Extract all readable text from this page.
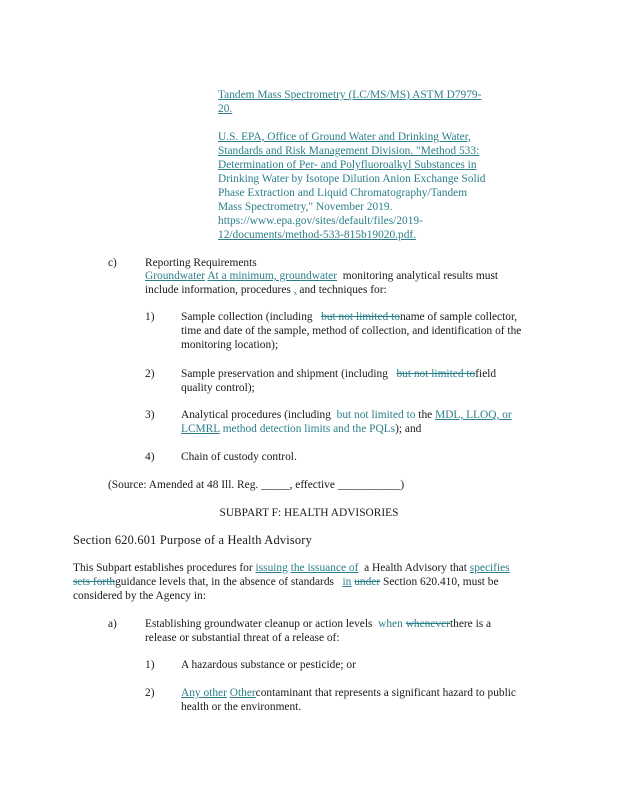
Tandem Mass Spectrometry (LC/MS/MS) ASTM D7979-
20.
U.S. EPA, Office of Ground Water and Drinking Water,
Standards and Risk Management Division. "Method 533:
Determination of Per- and Polyfluoroalkyl Substances in
Drinking Water by Isotope Dilution Anion Exchange Solid
Phase Extraction and Liquid Chromatography/Tandem
Mass Spectrometry," November 2019.
https://www.epa.gov/sites/default/files/2019-
12/documents/method-533-815b19020.pdf.
c) Reporting Requirements
Groundwater At a minimum, groundwater monitoring analytical results must
include information, procedures , and techniques for:
1) Sample collection (including but not limited toname of sample collector,
time and date of the sample, method of collection, and identification of the
monitoring location);
2) Sample preservation and shipment (including but not limited tofield
quality control);
3) Analytical procedures (including but not limited to the MDL, LLOQ, or
LCMRL method detection limits and the PQLs); and
4) Chain of custody control.
(Source: Amended at 48 Ill. Reg. _____, effective ___________)
SUBPART F: HEALTH ADVISORIES
Section 620.601 Purpose of a Health Advisory
This Subpart establishes procedures for issuing the issuance of a Health Advisory that specifies
sets forthguidance levels that, in the absence of standards in under Section 620.410, must be
considered by the Agency in:
a) Establishing groundwater cleanup or action levels when wheneverthere is a
release or substantial threat of a release of:
1) A hazardous substance or pesticide; or
2) Any other Othercontaminant that represents a significant hazard to public
health or the environment.
